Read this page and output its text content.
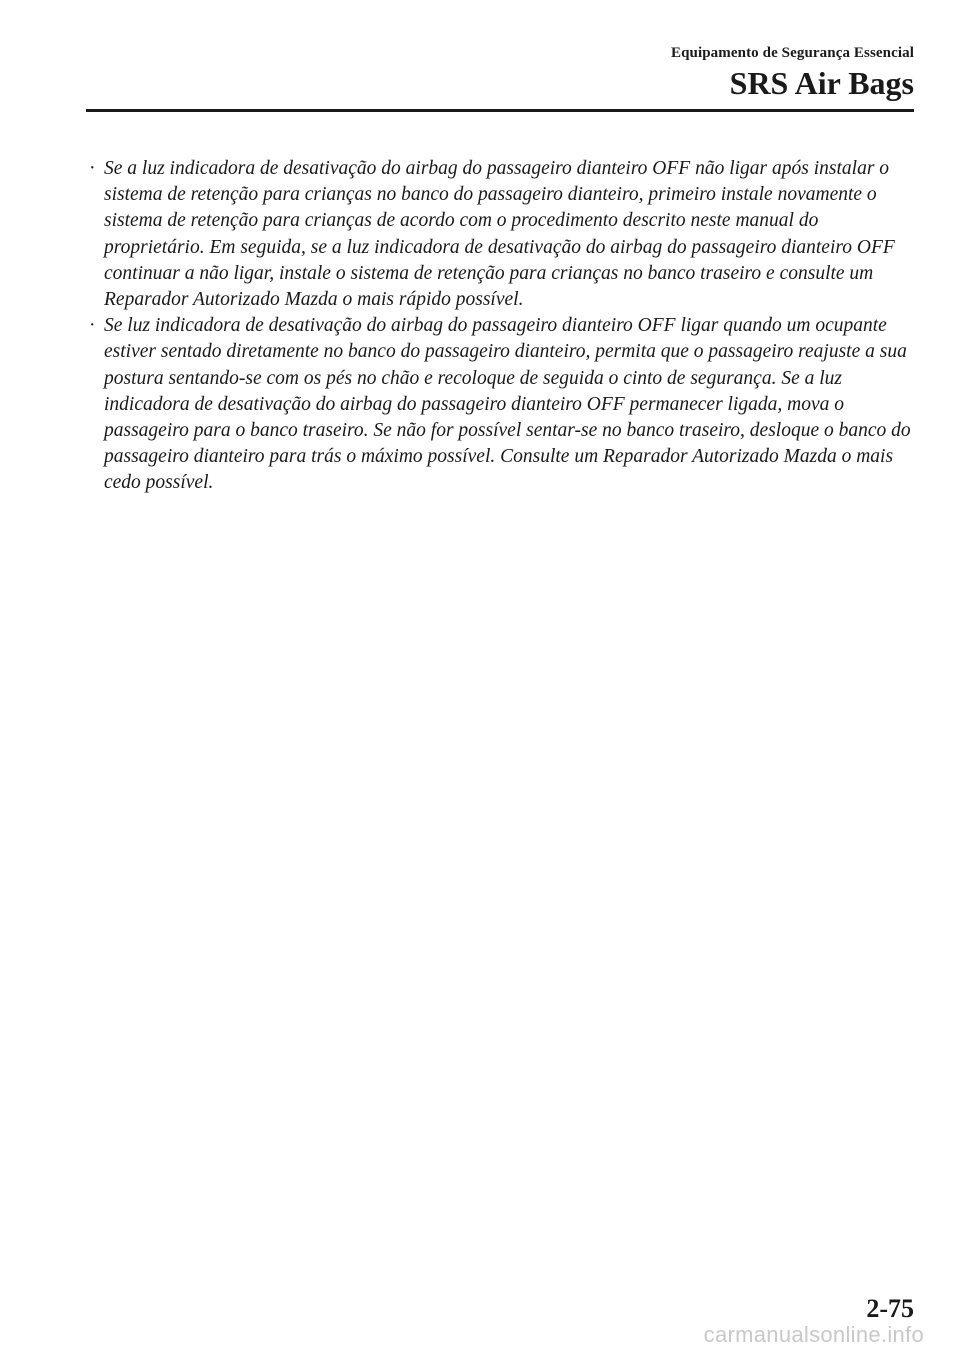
Equipamento de Segurança Essencial
SRS Air Bags
· Se a luz indicadora de desativação do airbag do passageiro dianteiro OFF não ligar após instalar o sistema de retenção para crianças no banco do passageiro dianteiro, primeiro instale novamente o sistema de retenção para crianças de acordo com o procedimento descrito neste manual do proprietário. Em seguida, se a luz indicadora de desativação do airbag do passageiro dianteiro OFF continuar a não ligar, instale o sistema de retenção para crianças no banco traseiro e consulte um Reparador Autorizado Mazda o mais rápido possível.
· Se luz indicadora de desativação do airbag do passageiro dianteiro OFF ligar quando um ocupante estiver sentado diretamente no banco do passageiro dianteiro, permita que o passageiro reajuste a sua postura sentando-se com os pés no chão e recoloque de seguida o cinto de segurança. Se a luz indicadora de desativação do airbag do passageiro dianteiro OFF permanecer ligada, mova o passageiro para o banco traseiro. Se não for possível sentar-se no banco traseiro, desloque o banco do passageiro dianteiro para trás o máximo possível. Consulte um Reparador Autorizado Mazda o mais cedo possível.
2-75
carmanualsonline.info
